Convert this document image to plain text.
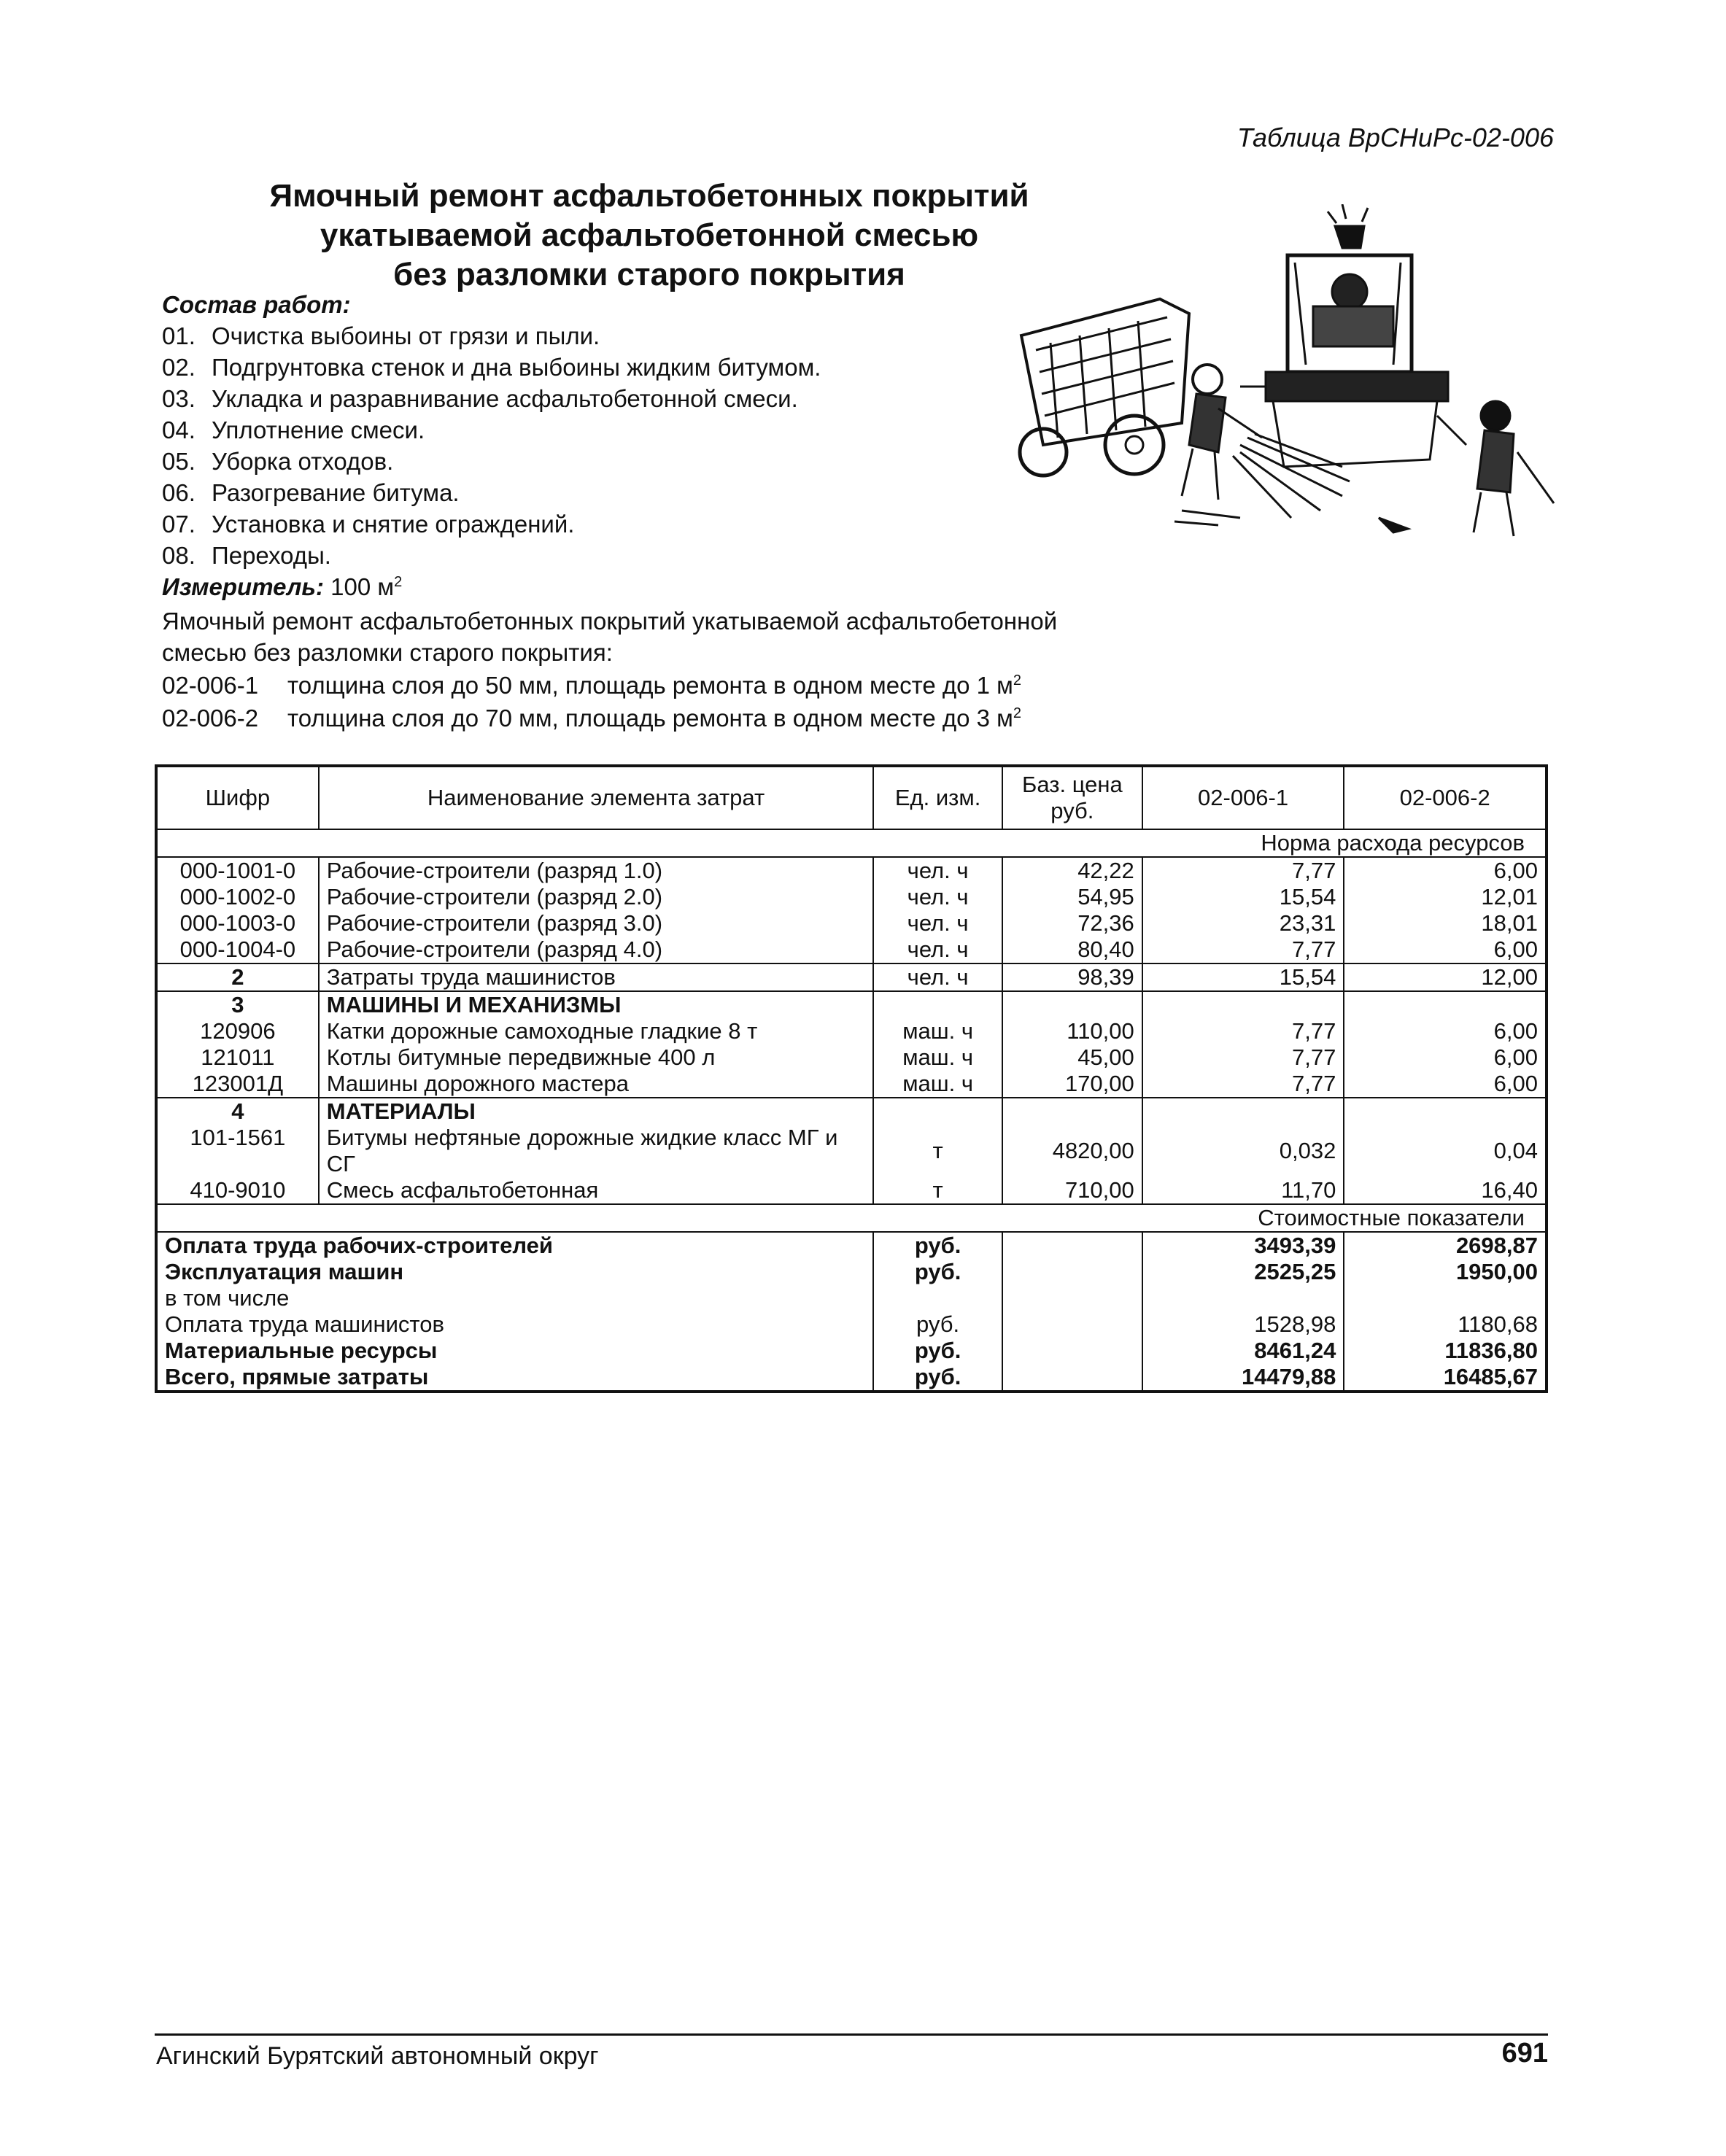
Таблица ВрСНиРс-02-006
Ямочный ремонт асфальтобетонных покрытий
укатываемой асфальтобетонной смесью
без разломки старого покрытия
Состав работ:
01. Очистка выбоины от грязи и пыли.
02. Подгрунтовка стенок и дна выбоины жидким битумом.
03. Укладка и разравнивание асфальтобетонной смеси.
04. Уплотнение смеси.
05. Уборка отходов.
06. Разогревание битума.
07. Установка и снятие ограждений.
08. Переходы.
Измеритель: 100 $м^2$
Ямочный ремонт асфальтобетонных покрытий укатываемой асфальтобетонной
смесью без разломки старого покрытия:
02-006-1 толщина слоя до 50 мм, площадь ремонта в одном месте до 1 $м^2$
02-006-2 толщина слоя до 70 мм, площадь ремонта в одном месте до 3 $м^2$
Шифр	Наименование элемента затрат	Ед. изм.	Баз. цена руб.	02-006-1	02-006-2
Норма расхода ресурсов					
000-1001-0	Рабочие-строители (разряд 1.0)	чел. ч	42,22	7,77	6,00
000-1002-0	Рабочие-строители (разряд 2.0)	чел. ч	54,95	15,54	12,01
000-1003-0	Рабочие-строители (разряд 3.0)	чел. ч	72,36	23,31	18,01
000-1004-0	Рабочие-строители (разряд 4.0)	чел. ч	80,40	7,77	6,00
2	Затраты труда машинистов	чел. ч	98,39	15,54	12,00
3	МАШИНЫ И МЕХАНИЗМЫ				
120906	Катки дорожные самоходные гладкие 8 т	маш. ч	110,00	7,77	6,00
121011	Котлы битумные передвижные 400 л	маш. ч	45,00	7,77	6,00
123001Д	Машины дорожного мастера	маш. ч	170,00	7,77	6,00
4	МАТЕРИАЛЫ				
101-1561	Битумы нефтяные дорожные жидкие класс МГ и СГ	т	4820,00	0,032	0,04
410-9010	Смесь асфальтобетонная	т	710,00	11,70	16,40
Стоимостные показатели					
Оплата труда рабочих-строителей		руб.		3493,39	2698,87
Эксплуатация машин		руб.		2525,25	1950,00
в том числе					
Оплата труда машинистов		руб.		1528,98	1180,68
Материальные ресурсы		руб.		8461,24	11836,80
Всего, прямые затраты		руб.		14479,88	16485,67
Агинский Бурятский автономный округ	691
